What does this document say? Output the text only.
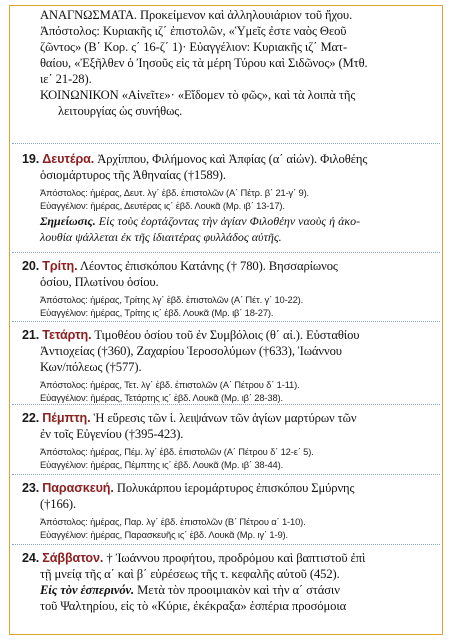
ΑΝΑΓΝΩΣΜΑΤΑ. Προκείμενον καὶ ἀλληλουιάριον τοῦ ἤχου.
Ἀπόστολος: Κυριακῆς ιζ΄ ἐπιστολῶν, «Ὑμεῖς ἐστε ναὸς Θεοῦ
ζῶντος» (Β΄ Κορ. ς΄ 16-ζ΄ 1)· Εὐαγγέλιον: Κυριακῆς ιζ΄ Ματ-
θαίου, «Ἐξῆλθεν ὁ Ἰησοῦς εἰς τὰ μέρη Τύρου καὶ Σιδῶνος» (Μτθ.
ιε΄ 21-28).
ΚΟΙΝΩΝΙΚΟΝ «Αἰνεῖτε»· «Εἴδομεν τὸ φῶς», καὶ τὰ λοιπὰ τῆς
λειτουργίας ὡς συνήθως.
19. Δευτέρα. Ἀρχίππου, Φιλήμονος καὶ Ἀπφίας (α΄ αἰών). Φιλοθέης
ὁσιομάρτυρος τῆς Ἀθηναίας (†1589).
Ἀπόστολος: ἡμέρας, Δευτ. λγ΄ ἑβδ. ἐπιστολῶν (Α΄ Πέτρ. β΄ 21-γ΄ 9).
Εὐαγγέλιον: ἡμέρας, Δευτέρας ις΄ ἑβδ. Λουκᾶ (Μρ. ιβ΄ 13-17).
Σημείωσις. Εἰς τοὺς ἑορτάζοντας τὴν ἁγίαν Φιλοθέην ναοὺς ἡ ἀκο-
λουθία ψάλλεται ἐκ τῆς ἰδιαιτέρας φυλλάδος αὐτῆς.
20. Τρίτη. Λέοντος ἐπισκόπου Κατάνης († 780). Βησσαρίωνος
ὁσίου, Πλωτίνου ὁσίου.
Ἀπόστολος: ἡμέρας, Τρίτης λγ΄ ἑβδ. ἐπιστολῶν (Α΄ Πέτ. γ΄ 10-22).
Εὐαγγέλιον: ἡμέρας, Τρίτης ις΄ ἑβδ. Λουκᾶ (Μρ. ιβ΄ 18-27).
21. Τετάρτη. Τιμοθέου ὁσίου τοῦ ἐν Συμβόλοις (θ΄ αἰ.). Εὐσταθίου
Ἀντιοχείας (†360), Ζαχαρίου Ἱεροσολύμων (†633), Ἰωάννου
Κων/πόλεως (†577).
Ἀπόστολος: ἡμέρας, Τετ. λγ΄ ἑβδ. ἐπιστολῶν (Α΄ Πέτρου δ΄ 1-11).
Εὐαγγέλιον: ἡμέρας, Τετάρτης ις΄ ἑβδ. Λουκᾶ (Μρ. ιβ΄ 28-38).
22. Πέμπτη. Ἡ εὕρεσις τῶν ἱ. λειψάνων τῶν ἁγίων μαρτύρων τῶν
ἐν τοῖς Εὐγενίου (†395-423).
Ἀπόστολος: ἡμέρας, Πέμ. λγ΄ ἑβδ. ἐπιστολῶν (Α΄ Πέτρου δ΄ 12-ε΄ 5).
Εὐαγγέλιον: ἡμέρας, Πέμπτης ις΄ ἑβδ. Λουκᾶ (Μρ. ιβ΄ 38-44).
23. Παρασκευή. Πολυκάρπου ἱερομάρτυρος ἐπισκόπου Σμύρνης
(†166).
Ἀπόστολος: ἡμέρας, Παρ. λγ΄ ἑβδ. ἐπιστολῶν (Β΄ Πέτρου α΄ 1-10).
Εὐαγγέλιον: ἡμέρας, Παρασκευῆς ις΄ ἑβδ. Λουκᾶ (Μρ. ιγ΄ 1-9).
24. Σάββατον. † Ἰωάννου προφήτου, προδρόμου καὶ βαπτιστοῦ ἐπὶ
τῇ μνείᾳ τῆς α΄ καὶ β΄ εὑρέσεως τῆς τ. κεφαλῆς αὐτοῦ (452).
Εἰς τὸν ἑσπερινόν. Μετὰ τὸν προοιμιακὸν καὶ τὴν α΄ στάσιν
τοῦ Ψαλτηρίου, εἰς τὸ «Κύριε, ἐκέκραξα» ἑσπέρια προσόμοια
